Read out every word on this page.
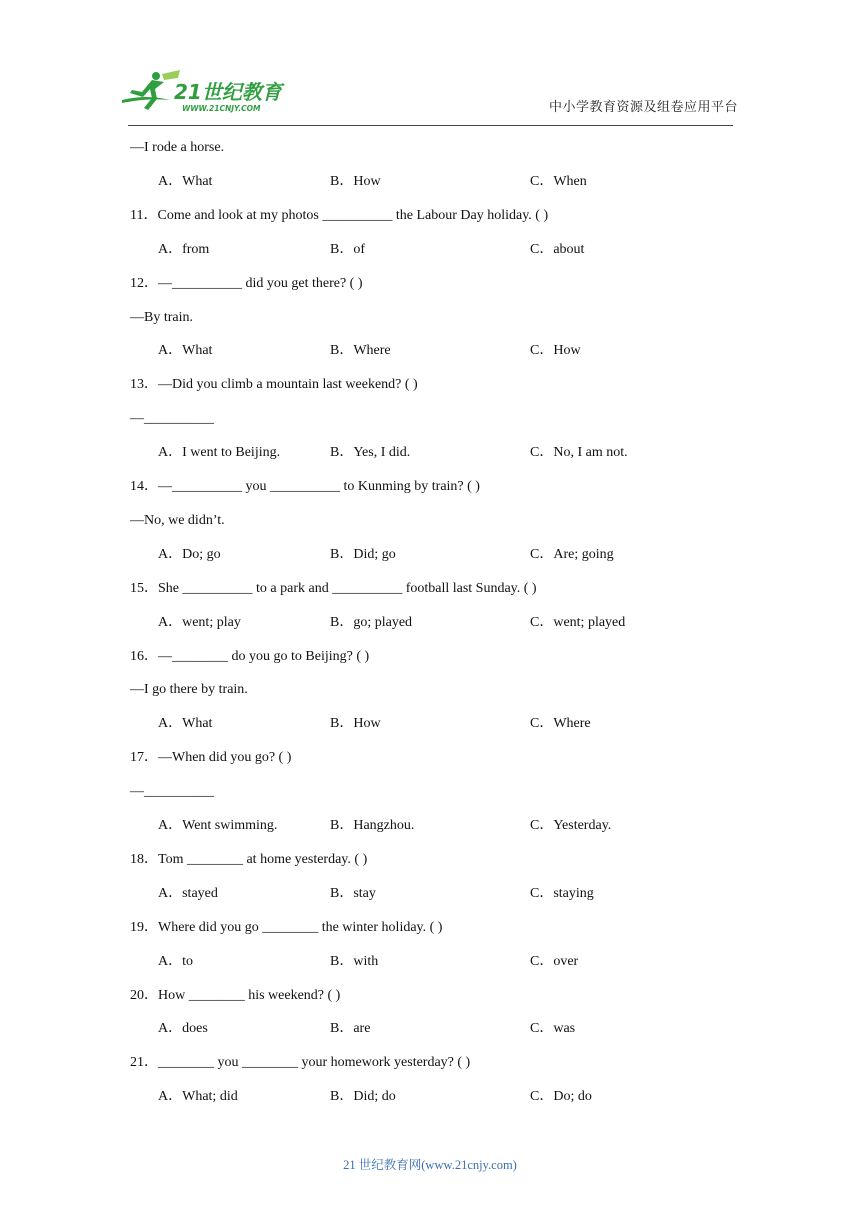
21世纪教育
WWW.21CNJY.COM	中小学教育资源及组卷应用平台
—I rode a horse.
A．What	B．How	C．When
11．Come and look at my photos __________ the Labour Day holiday. ( )
A．from	B．of	C．about
12．—__________ did you get there? ( )
—By train.
A．What	B．Where	C．How
13．—Did you climb a mountain last weekend? ( )
—__________
A．I went to Beijing.	B．Yes, I did.	C．No, I am not.
14．—__________ you __________ to Kunming by train? ( )
—No, we didn’t.
A．Do; go	B．Did; go	C．Are; going
15．She __________ to a park and __________ football last Sunday. ( )
A．went; play	B．go; played	C．went; played
16．—________ do you go to Beijing? ( )
—I go there by train.
A．What	B．How	C．Where
17．—When did you go? ( )
—__________
A．Went swimming.	B．Hangzhou.	C．Yesterday.
18．Tom ________ at home yesterday. ( )
A．stayed	B．stay	C．staying
19．Where did you go ________ the winter holiday. ( )
A．to	B．with	C．over
20．How ________ his weekend? ( )
A．does	B．are	C．was
21．________ you ________ your homework yesterday? ( )
A．What; did	B．Did; do	C．Do; do
21 世纪教育网(www.21cnjy.com)
